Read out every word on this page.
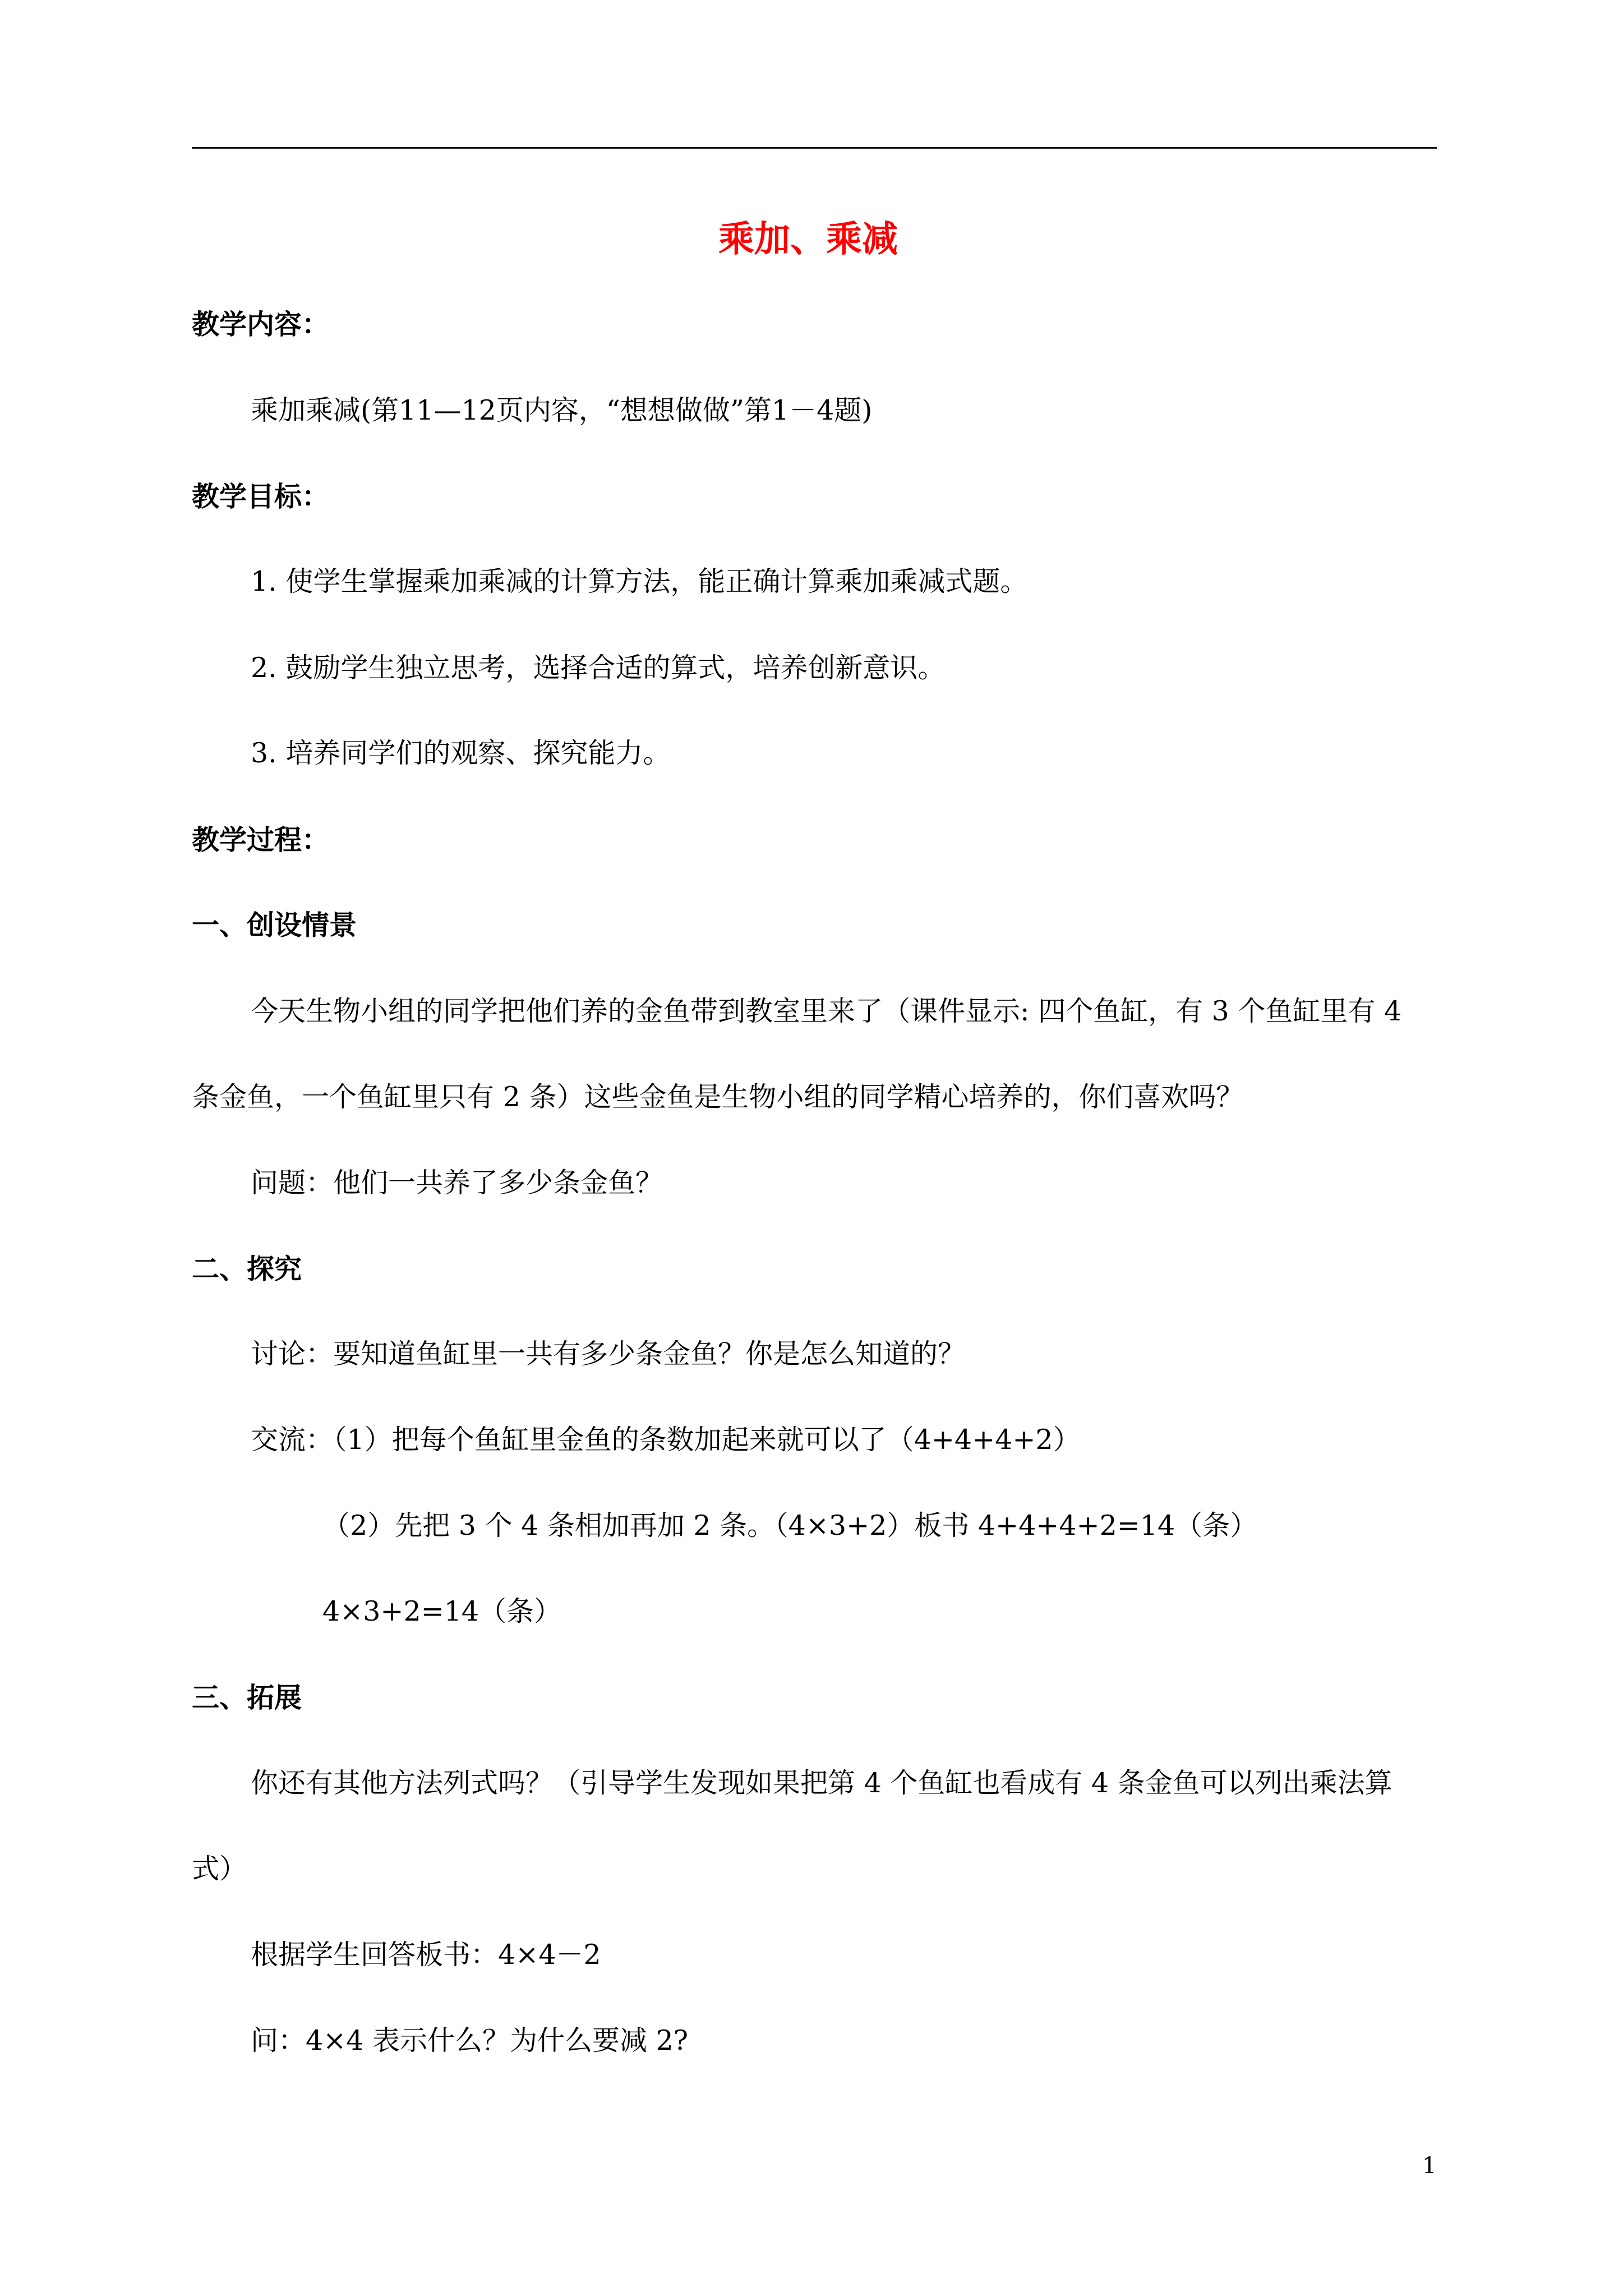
乘加、乘减
教学内容：
乘加乘减(第11—12页内容，“想想做做”第1－4题)
教学目标：
1. 使学生掌握乘加乘减的计算方法，能正确计算乘加乘减式题。
2. 鼓励学生独立思考，选择合适的算式，培养创新意识。
3. 培养同学们的观察、探究能力。
教学过程：
一、创设情景
今天生物小组的同学把他们养的金鱼带到教室里来了（课件显示: 四个鱼缸，有 3 个鱼缸里有 4
条金鱼，一个鱼缸里只有 2 条）这些金鱼是生物小组的同学精心培养的，你们喜欢吗？
问题：他们一共养了多少条金鱼？
二、探究
讨论：要知道鱼缸里一共有多少条金鱼？你是怎么知道的？
交流：（1）把每个鱼缸里金鱼的条数加起来就可以了（4+4+4+2）
（2）先把 3 个 4 条相加再加 2 条。（4×3+2）板书 4+4+4+2=14（条）
4×3+2=14（条）
三、拓展
你还有其他方法列式吗？（引导学生发现如果把第 4 个鱼缸也看成有 4 条金鱼可以列出乘法算
式）
根据学生回答板书：4×4－2
问：4×4 表示什么？为什么要减 2?
1
